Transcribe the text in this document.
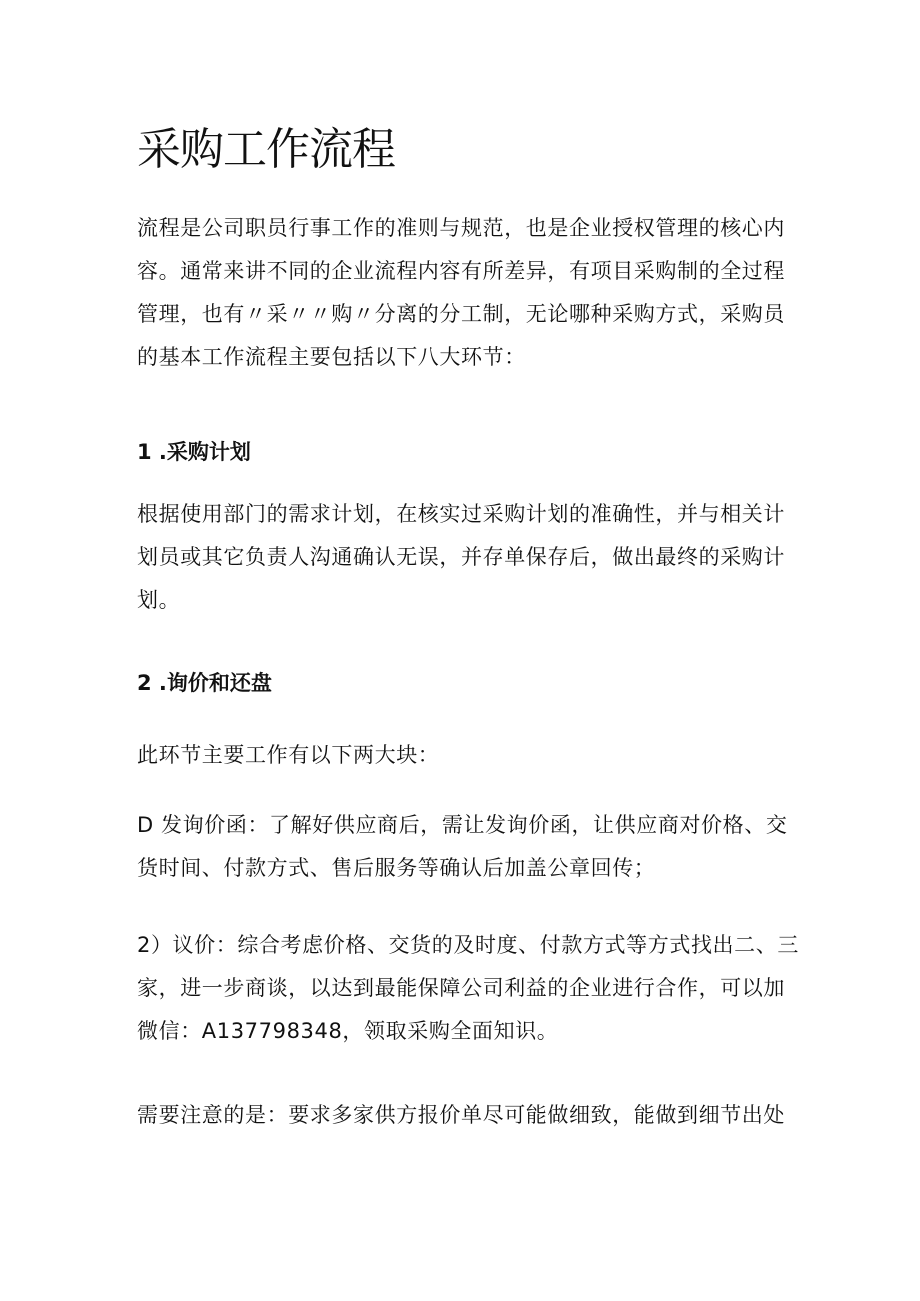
采购工作流程

流程是公司职员行事工作的准则与规范，也是企业授权管理的核心内
容。通常来讲不同的企业流程内容有所差异，有项目采购制的全过程
管理，也有〃采〃〃购〃分离的分工制，无论哪种采购方式，采购员
的基本工作流程主要包括以下八大环节：

1 .采购计划

根据使用部门的需求计划，在核实过采购计划的准确性，并与相关计
划员或其它负责人沟通确认无误，并存单保存后，做出最终的采购计
划。

2 .询价和还盘

此环节主要工作有以下两大块：

D 发询价函：了解好供应商后，需让发询价函，让供应商对价格、交
货时间、付款方式、售后服务等确认后加盖公章回传；

2）议价：综合考虑价格、交货的及时度、付款方式等方式找出二、三
家，进一步商谈，以达到最能保障公司利益的企业进行合作，可以加
微信：A137798348，领取采购全面知识。

需要注意的是：要求多家供方报价单尽可能做细致，能做到细节出处
